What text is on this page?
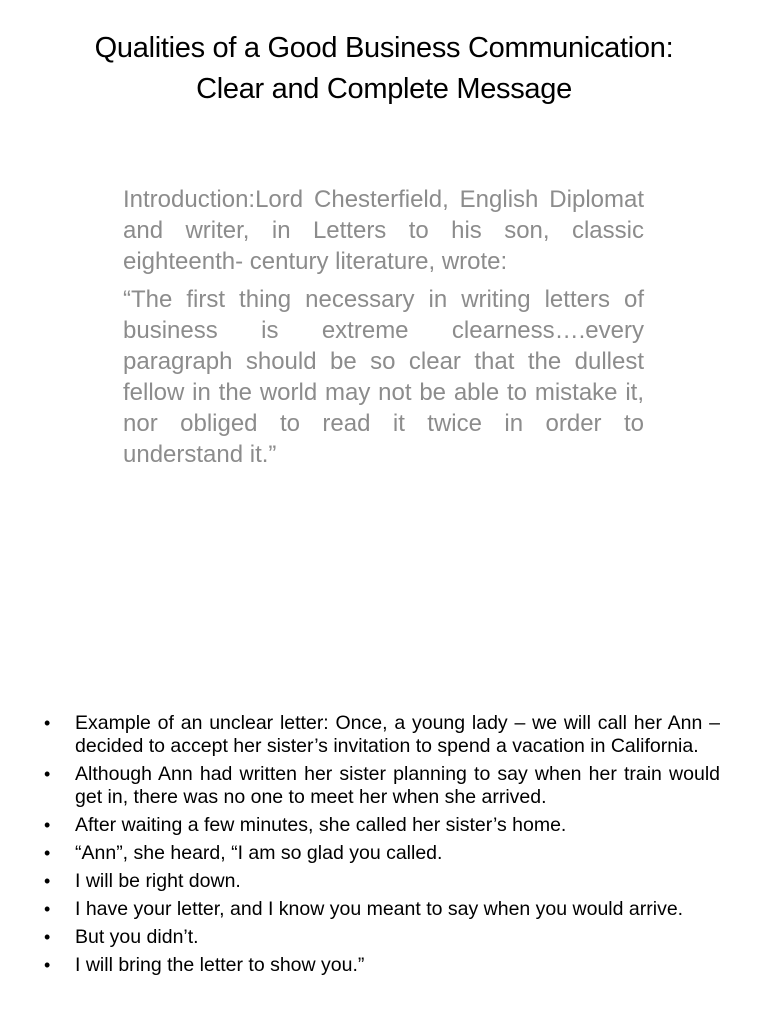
Qualities of a Good Business Communication:
Clear and Complete Message

Introduction:Lord Chesterfield, English Diplomat and writer, in Letters to his son, classic eighteenth- century literature, wrote:

“The first thing necessary in writing letters of business is extreme clearness….every paragraph should be so clear that the dullest fellow in the world may not be able to mistake it, nor obliged to read it twice in order to understand it.”

• Example of an unclear letter: Once, a young lady – we will call her Ann – decided to accept her sister’s invitation to spend a vacation in California.
• Although Ann had written her sister planning to say when her train would get in, there was no one to meet her when she arrived.
• After waiting a few minutes, she called her sister’s home.
• “Ann”, she heard, “I am so glad you called.
• I will be right down.
• I have your letter, and I know you meant to say when you would arrive.
• But you didn’t.
• I will bring the letter to show you.”
